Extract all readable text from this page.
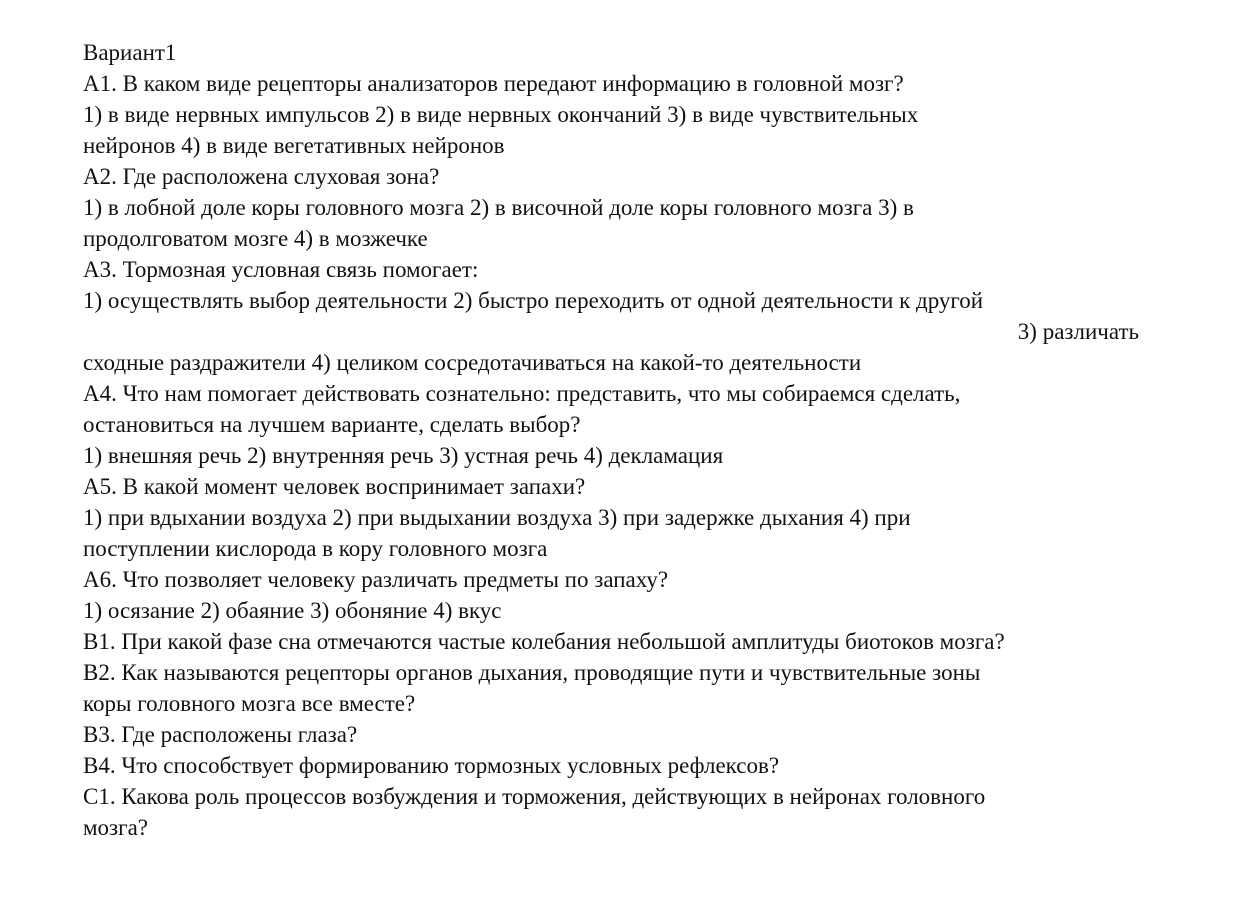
Вариант1
А1. В каком виде рецепторы анализаторов передают информацию в головной мозг?
1) в виде нервных импульсов 2) в виде нервных окончаний 3) в виде чувствительных
нейронов 4) в виде вегетативных нейронов
А2. Где расположена слуховая зона?
1) в лобной доле коры головного мозга 2) в височной доле коры головного мозга 3) в
продолговатом мозге 4) в мозжечке
А3. Тормозная условная связь помогает:
1) осуществлять выбор деятельности 2) быстро переходить от одной деятельности к другой
3) различать
сходные раздражители 4) целиком сосредотачиваться на какой-то деятельности
А4. Что нам помогает действовать сознательно: представить, что мы собираемся сделать,
остановиться на лучшем варианте, сделать выбор?
1) внешняя речь 2) внутренняя речь 3) устная речь 4) декламация
А5. В какой момент человек воспринимает запахи?
1) при вдыхании воздуха 2) при выдыхании воздуха 3) при задержке дыхания 4) при
поступлении кислорода в кору головного мозга
А6. Что позволяет человеку различать предметы по запаху?
1) осязание 2) обаяние 3) обоняние 4) вкус
В1. При какой фазе сна отмечаются частые колебания небольшой амплитуды биотоков мозга?
В2. Как называются рецепторы органов дыхания, проводящие пути и чувствительные зоны
коры головного мозга все вместе?
В3. Где расположены глаза?
В4. Что способствует формированию тормозных условных рефлексов?
С1. Какова роль процессов возбуждения и торможения, действующих в нейронах головного
мозга?
